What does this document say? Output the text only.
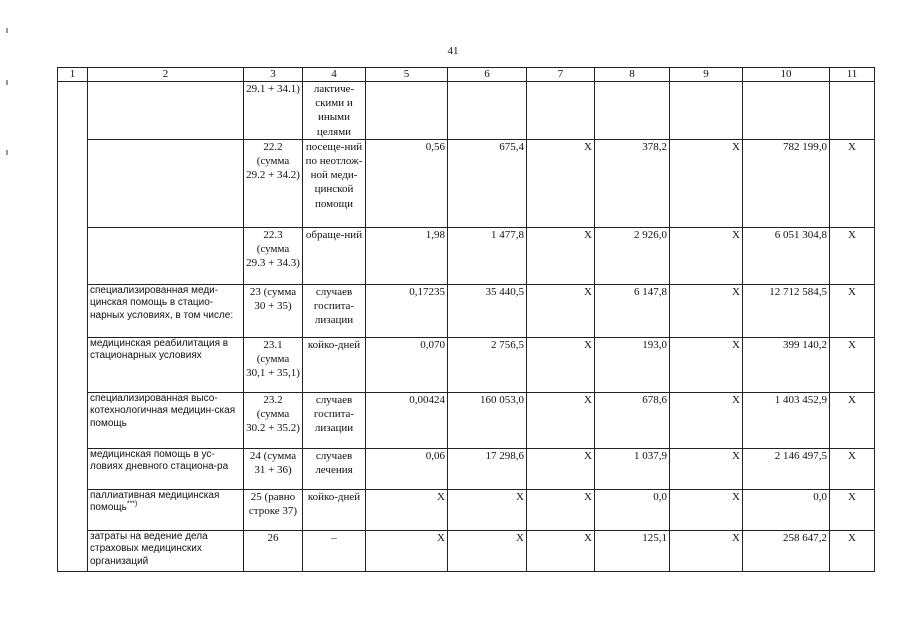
41
1	2	3	4	5	6	7	8	9	10	11
		29.1 + 34.1)	лактиче-скими и иными целями							
		22.2 (сумма 29.2 + 34.2)	посеще-ний по неотлож-ной меди-цинской помощи	0,56	675,4	X	378,2	X	782 199,0	X
		22.3 (сумма 29.3 + 34.3)	обраще-ний	1,98	1 477,8	X	2 926,0	X	6 051 304,8	X
	специализированная меди-цинская помощь в стацио-нарных условиях, в том числе:	23 (сумма 30 + 35)	случаев госпита-лизации	0,17235	35 440,5	X	6 147,8	X	12 712 584,5	X
	медицинская реабилитация в стационарных условиях	23.1 (сумма 30,1 + 35,1)	койко-дней	0,070	2 756,5	X	193,0	X	399 140,2	X
	специализированная высо-котехнологичная медицин-ская помощь	23.2 (сумма 30.2 + 35.2)	случаев госпита-лизации	0,00424	160 053,0	X	678,6	X	1 403 452,9	X
	медицинская помощь в ус-ловиях дневного стациона-ра	24 (сумма 31 + 36)	случаев лечения	0,06	17 298,6	X	1 037,9	X	2 146 497,5	X
	паллиативная медицинская помощь***)	25 (равно строке 37)	койко-дней	X	X	X	0,0	X	0,0	X
	затраты на ведение дела страховых медицинских организаций	26	–	X	X	X	125,1	X	258 647,2	X
